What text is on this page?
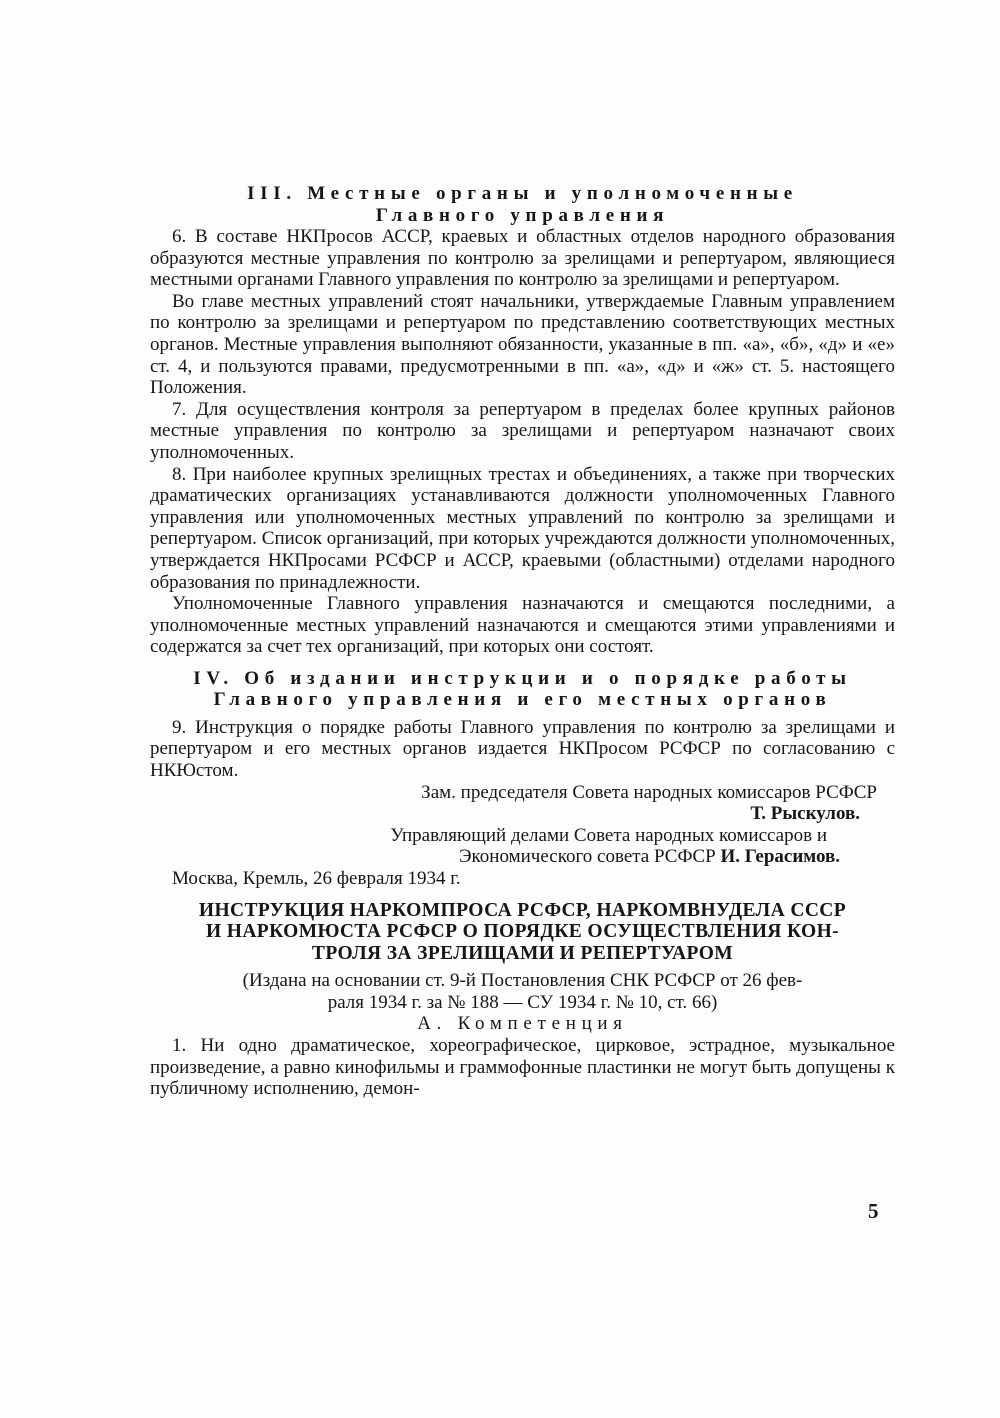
III. Местные органы и уполномоченные
Главного управления

6. В составе НКПросов АССР, краевых и областных отделов народного образования образуются местные управления по контролю за зрелищами и репертуаром, являющиеся местными органами Главного управления по контролю за зрелищами и репертуаром.

Во главе местных управлений стоят начальники, утверждаемые Главным управлением по контролю за зрелищами и репертуаром по представлению соответствующих местных органов. Местные управления выполняют обязанности, указанные в пп. «а», «б», «д» и «е» ст. 4, и пользуются правами, предусмотренными в пп. «а», «д» и «ж» ст. 5. настоящего Положения.

7. Для осуществления контроля за репертуаром в пределах более крупных районов местные управления по контролю за зрелищами и репертуаром назначают своих уполномоченных.

8. При наиболее крупных зрелищных трестах и объединениях, а также при творческих драматических организациях устанавливаются должности уполномоченных Главного управления или уполномоченных местных управлений по контролю за зрелищами и репертуаром. Список организаций, при которых учреждаются должности уполномоченных, утверждается НКПросами РСФСР и АССР, краевыми (областными) отделами народного образования по принадлежности.

Уполномоченные Главного управления назначаются и смещаются последними, а уполномоченные местных управлений назначаются и смещаются этими управлениями и содержатся за счет тех организаций, при которых они состоят.

IV. Об издании инструкции и о порядке работы
Главного управления и его местных органов

9. Инструкция о порядке работы Главного управления по контролю за зрелищами и репертуаром и его местных органов издается НКПросом РСФСР по согласованию с НКЮстом.

Зам. председателя Совета народных комиссаров РСФСР
Т. Рыскулов.
Управляющий делами Совета народных комиссаров и
Экономического совета РСФСР И. Герасимов.
Москва, Кремль, 26 февраля 1934 г.
ИНСТРУКЦИЯ НАРКОМПРОСА РСФСР, НАРКОМВНУДЕЛА СССР
И НАРКОМЮСТА РСФСР О ПОРЯДКЕ ОСУЩЕСТВЛЕНИЯ КОН-
ТРОЛЯ ЗА ЗРЕЛИЩАМИ И РЕПЕРТУАРОМ
(Издана на основании ст. 9-й Постановления СНК РСФСР от 26 фев-
раля 1934 г. за № 188 — СУ 1934 г. № 10, ст. 66)
А. Компетенция

1. Ни одно драматическое, хореографическое, цирковое, эстрадное, музыкальное произведение, а равно кинофильмы и граммофонные пластинки не могут быть допущены к публичному исполнению, демон-

5
